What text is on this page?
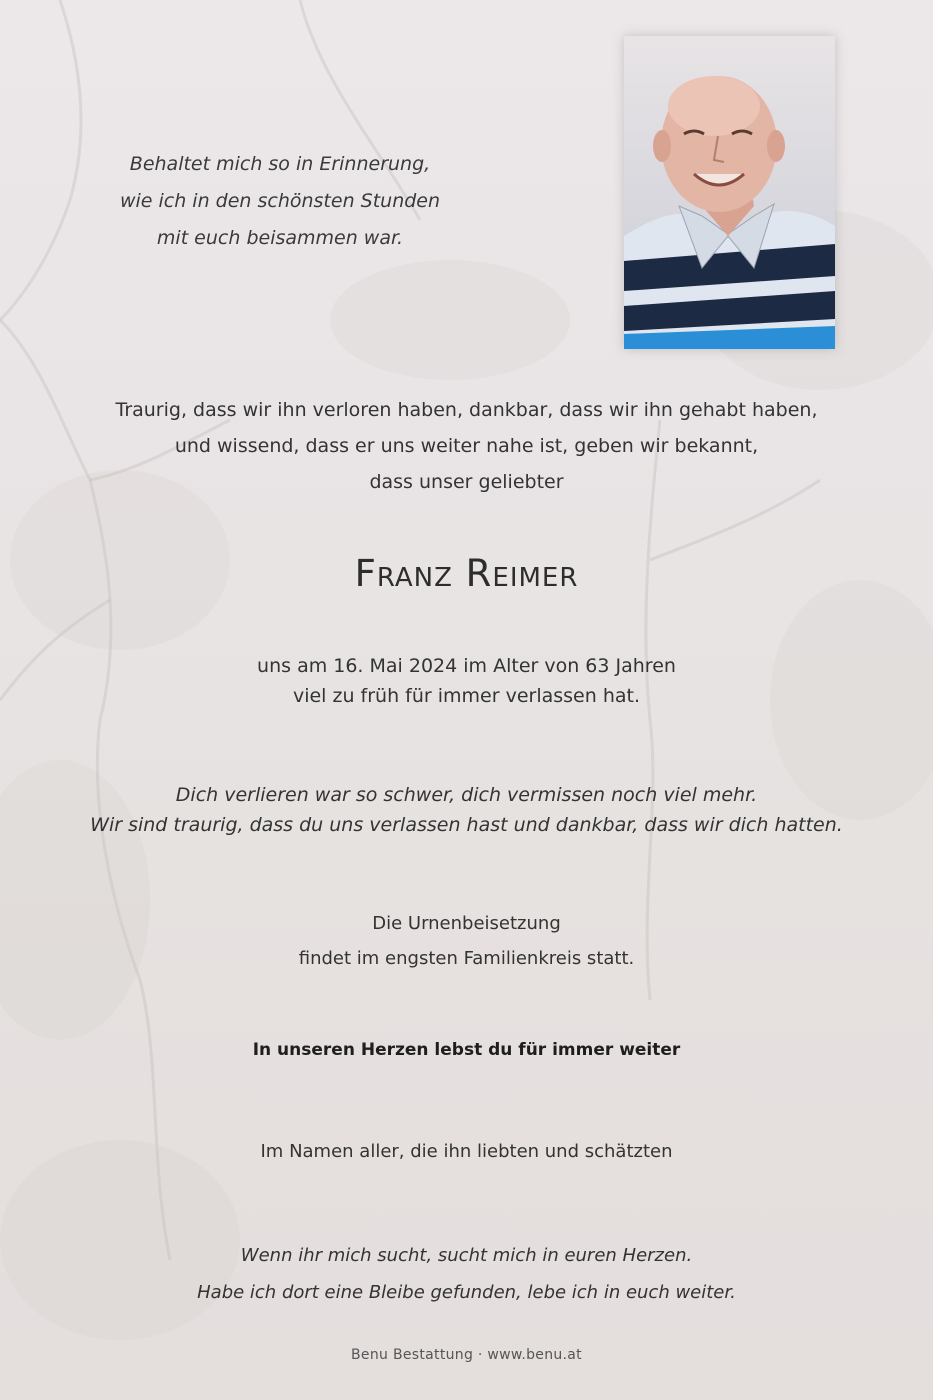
Behaltet mich so in Erinnerung,
wie ich in den schönsten Stunden
mit euch beisammen war.
Traurig, dass wir ihn verloren haben, dankbar, dass wir ihn gehabt haben,
und wissend, dass er uns weiter nahe ist, geben wir bekannt,
dass unser geliebter
Franz Reimer
uns am 16. Mai 2024 im Alter von 63 Jahren
viel zu früh für immer verlassen hat.
Dich verlieren war so schwer, dich vermissen noch viel mehr.
Wir sind traurig, dass du uns verlassen hast und dankbar, dass wir dich hatten.
Die Urnenbeisetzung
findet im engsten Familienkreis statt.
In unseren Herzen lebst du für immer weiter
Im Namen aller, die ihn liebten und schätzten
Wenn ihr mich sucht, sucht mich in euren Herzen.
Habe ich dort eine Bleibe gefunden, lebe ich in euch weiter.
Benu Bestattung · www.benu.at
